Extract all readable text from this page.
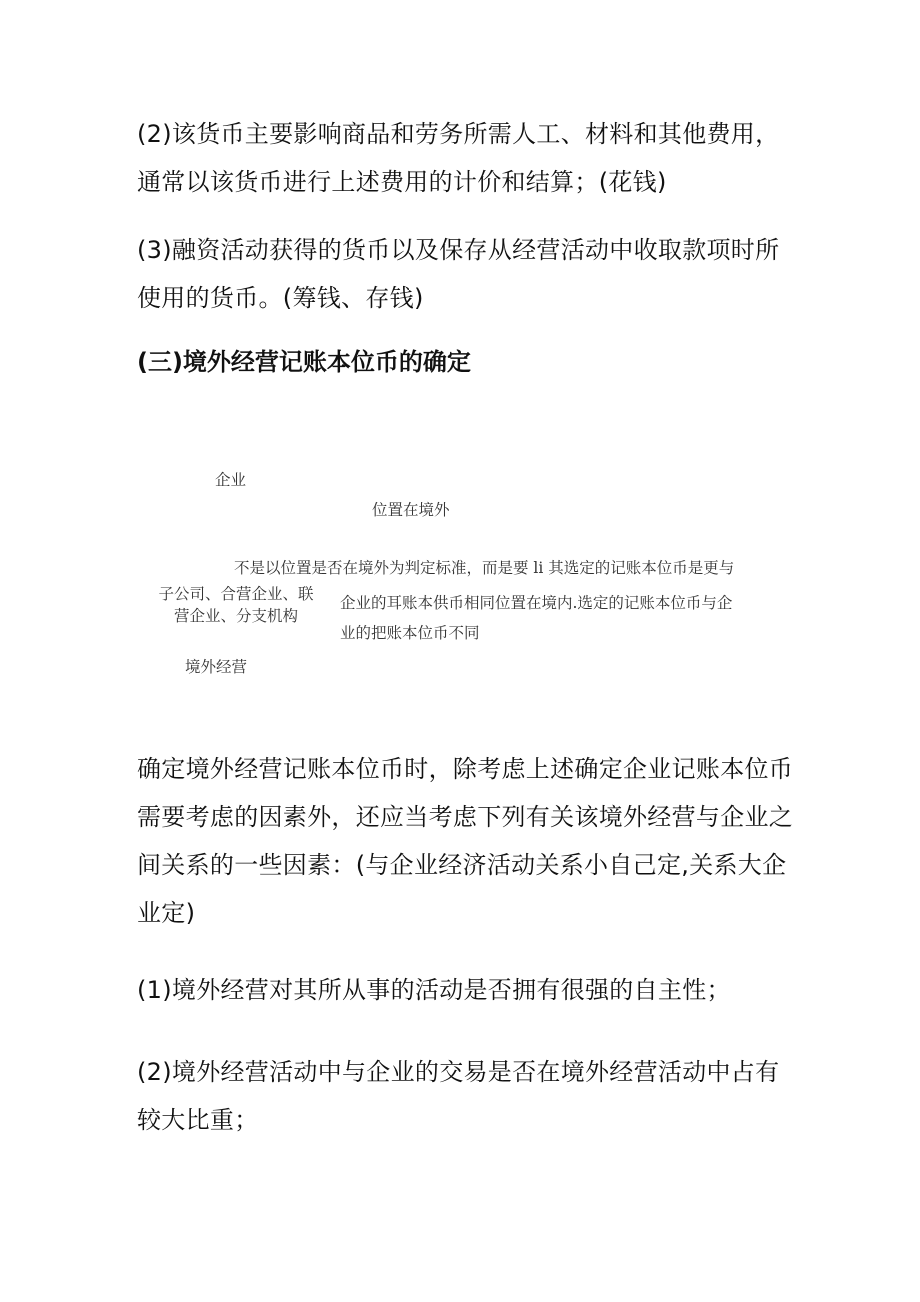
(2)该货币主要影响商品和劳务所需人工、材料和其他费用，通常以该货币进行上述费用的计价和结算；(花钱)

(3)融资活动获得的货币以及保存从经营活动中收取款项时所使用的货币。(筹钱、存钱)

(三)境外经营记账本位币的确定

企业

位置在境外

不是以位置是否在境外为判定标准，而是要 li 其选定的记账本位币是更与

子公司、合营企业、联

营企业、分支机构

企业的耳账本供币相同位置在境内.选定的记账本位币与企

业的把账本位币不同

境外经营

确定境外经营记账本位币时，除考虑上述确定企业记账本位币需要考虑的因素外，还应当考虑下列有关该境外经营与企业之间关系的一些因素：(与企业经济活动关系小自己定,关系大企业定)

(1)境外经营对其所从事的活动是否拥有很强的自主性；

(2)境外经营活动中与企业的交易是否在境外经营活动中占有较大比重；
